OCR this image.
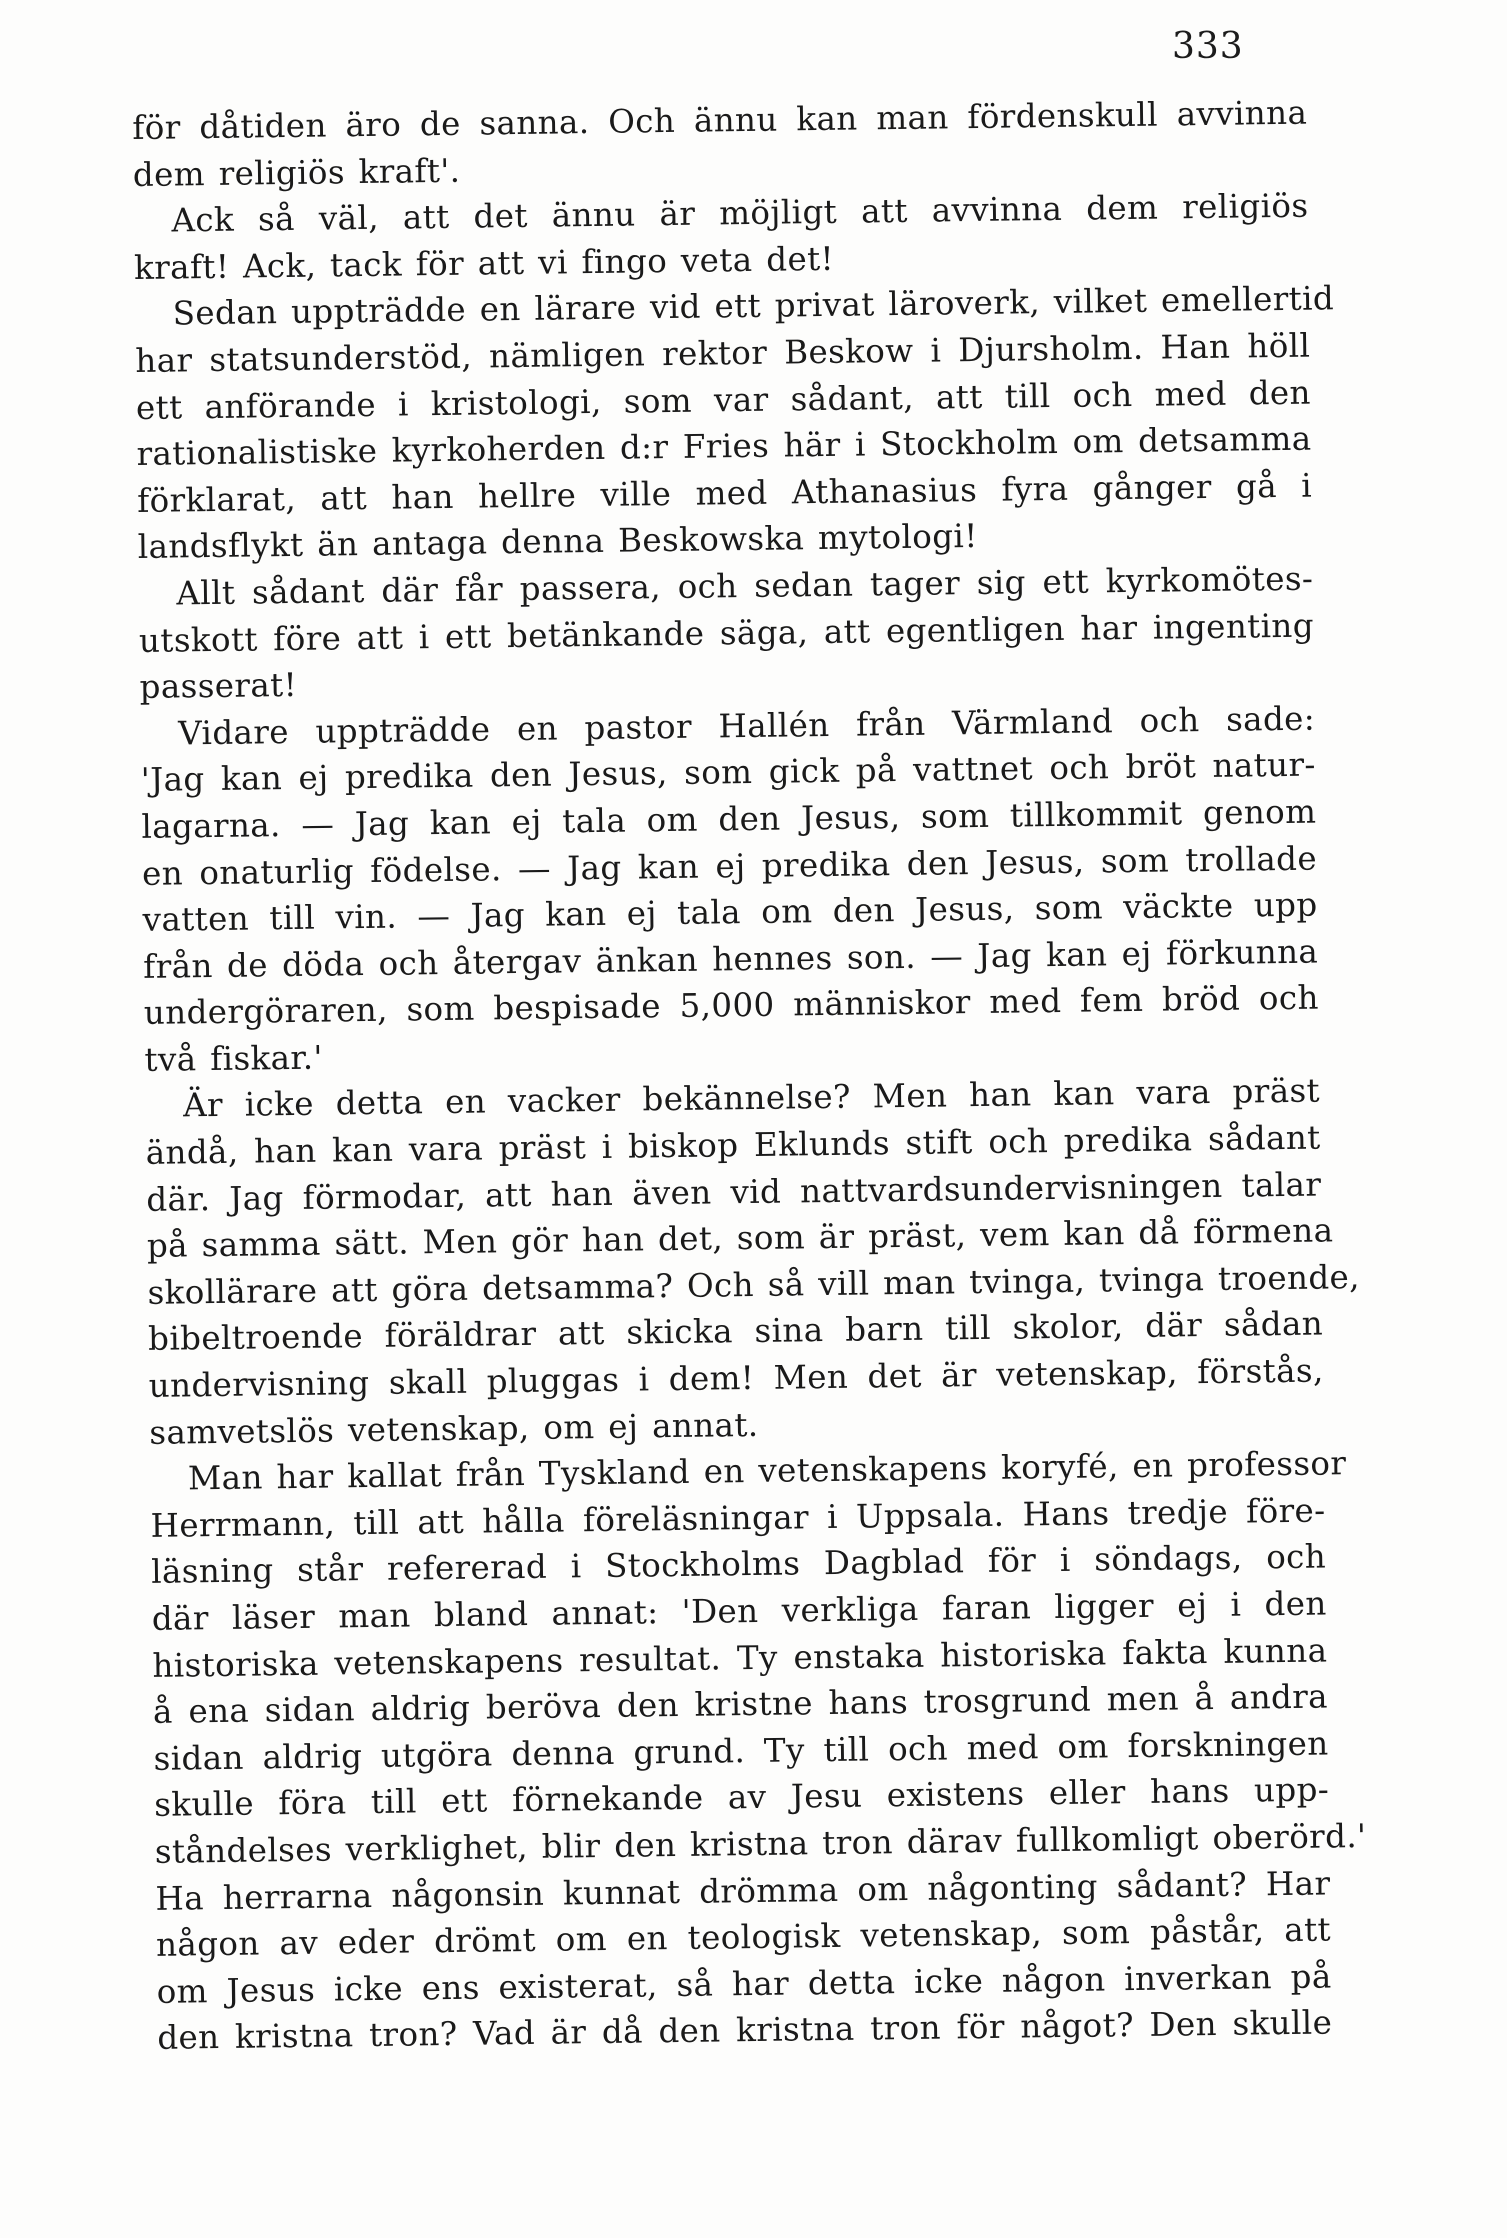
333
för dåtiden äro de sanna. Och ännu kan man fördenskull avvinna
dem religiös kraft'.
Ack så väl, att det ännu är möjligt att avvinna dem religiös
kraft! Ack, tack för att vi fingo veta det!
Sedan uppträdde en lärare vid ett privat läroverk, vilket emellertid
har statsunderstöd, nämligen rektor Beskow i Djursholm. Han höll
ett anförande i kristologi, som var sådant, att till och med den
rationalistiske kyrkoherden d:r Fries här i Stockholm om detsamma
förklarat, att han hellre ville med Athanasius fyra gånger gå i
landsflykt än antaga denna Beskowska mytologi!
Allt sådant där får passera, och sedan tager sig ett kyrkomötes-
utskott före att i ett betänkande säga, att egentligen har ingenting
passerat!
Vidare uppträdde en pastor Hallén från Värmland och sade:
'Jag kan ej predika den Jesus, som gick på vattnet och bröt natur-
lagarna. — Jag kan ej tala om den Jesus, som tillkommit genom
en onaturlig födelse. — Jag kan ej predika den Jesus, som trollade
vatten till vin. — Jag kan ej tala om den Jesus, som väckte upp
från de döda och återgav änkan hennes son. — Jag kan ej förkunna
undergöraren, som bespisade 5,000 människor med fem bröd och
två fiskar.'
Är icke detta en vacker bekännelse? Men han kan vara präst
ändå, han kan vara präst i biskop Eklunds stift och predika sådant
där. Jag förmodar, att han även vid nattvardsundervisningen talar
på samma sätt. Men gör han det, som är präst, vem kan då förmena
skollärare att göra detsamma? Och så vill man tvinga, tvinga troende,
bibeltroende föräldrar att skicka sina barn till skolor, där sådan
undervisning skall pluggas i dem! Men det är vetenskap, förstås,
samvetslös vetenskap, om ej annat.
Man har kallat från Tyskland en vetenskapens koryfé, en professor
Herrmann, till att hålla föreläsningar i Uppsala. Hans tredje före-
läsning står refererad i Stockholms Dagblad för i söndags, och
där läser man bland annat: 'Den verkliga faran ligger ej i den
historiska vetenskapens resultat. Ty enstaka historiska fakta kunna
å ena sidan aldrig beröva den kristne hans trosgrund men å andra
sidan aldrig utgöra denna grund. Ty till och med om forskningen
skulle föra till ett förnekande av Jesu existens eller hans upp-
ståndelses verklighet, blir den kristna tron därav fullkomligt oberörd.'
Ha herrarna någonsin kunnat drömma om någonting sådant? Har
någon av eder drömt om en teologisk vetenskap, som påstår, att
om Jesus icke ens existerat, så har detta icke någon inverkan på
den kristna tron? Vad är då den kristna tron för något? Den skulle
